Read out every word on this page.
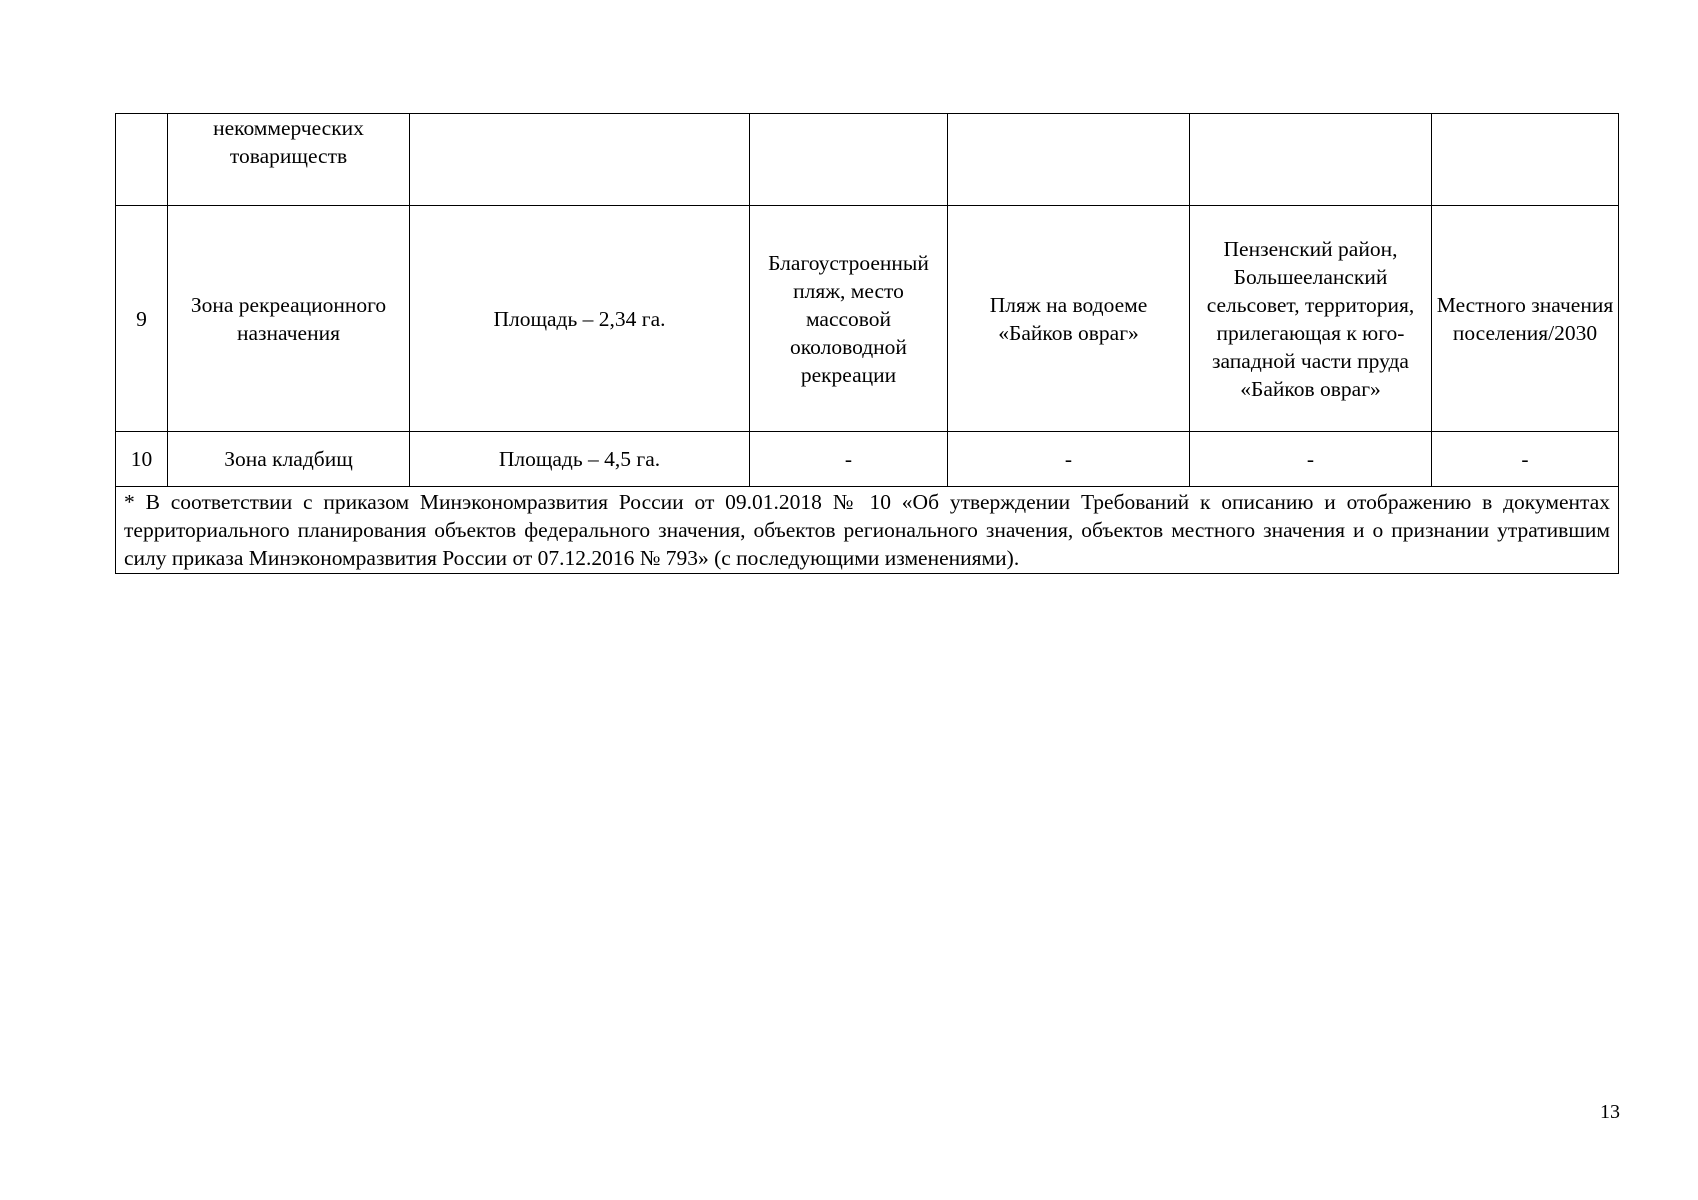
	некоммерческих товариществ					
9	Зона рекреационного назначения	Площадь – 2,34 га.	Благоустроенный пляж, место массовой околоводной рекреации	Пляж на водоеме «Байков овраг»	Пензенский район, Большееланский сельсовет, территория, прилегающая к юго-западной части пруда «Байков овраг»	Местного значения поселения/2030
10	Зона кладбищ	Площадь – 4,5 га.	-	-	-	-
* В соответствии с приказом Минэкономразвития России от 09.01.2018 № 10 «Об утверждении Требований к описанию и отображению в документах территориального планирования объектов федерального значения, объектов регионального значения, объектов местного значения и о признании утратившим силу приказа Минэкономразвития России от 07.12.2016 № 793» (с последующими изменениями).						
13
